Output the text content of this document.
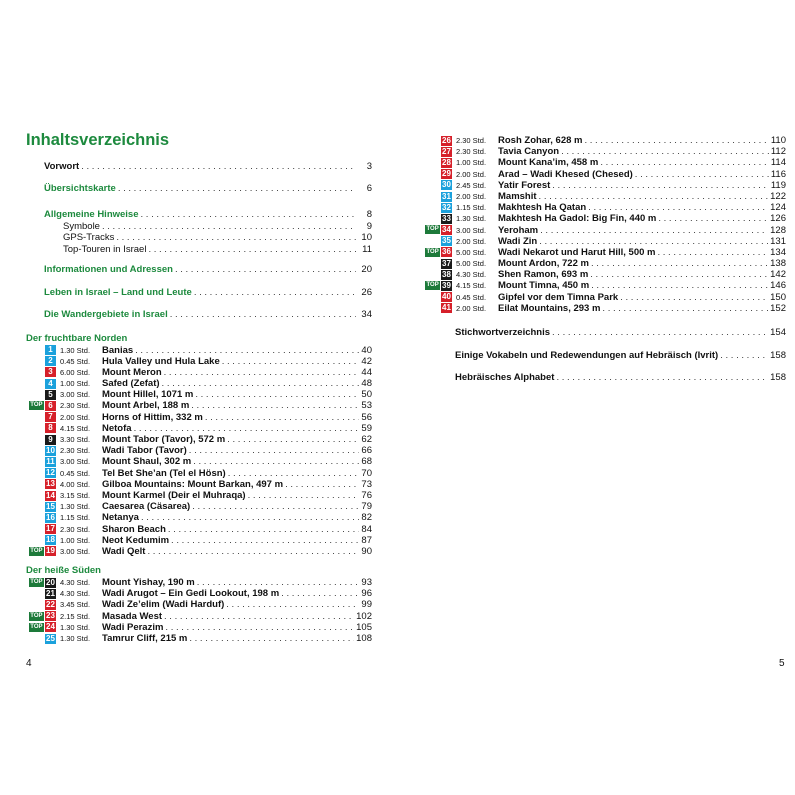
Inhaltsverzeichnis
Vorwort . . .	3
Übersichtskarte . . .	6
Allgemeine Hinweise . . .	8
Symbole . . .	9
GPS-Tracks . . .	10
Top-Touren in Israel . . .	11
Informationen und Adressen . . .	20
Leben in Israel – Land und Leute . . .	26
Die Wandergebiete in Israel . . .	34
Der fruchtbare Norden
1 1.30 Std.	Banias . . .	40
2 0.45 Std.	Hula Valley und Hula Lake . . .	42
3 6.00 Std.	Mount Meron . . .	44
4 1.00 Std.	Safed (Zefat) . . .	48
5 3.00 Std.	Mount Hillel, 1071 m . . .	50
TOP 6 2.30 Std.	Mount Arbel, 188 m . . .	53
7 2.00 Std.	Horns of Hittim, 332 m . . .	56
8 4.15 Std.	Netofa . . .	59
9 3.30 Std.	Mount Tabor (Tavor), 572 m . . .	62
10 2.30 Std.	Wadi Tabor (Tavor) . . .	66
11 3.00 Std.	Mount Shaul, 302 m . . .	68
12 0.45 Std.	Tel Bet She’an (Tel el Hösn) . . .	70
13 4.00 Std.	Gilboa Mountains: Mount Barkan, 497 m . . .	73
14 3.15 Std.	Mount Karmel (Deir el Muhraqa) . . .	76
15 1.30 Std.	Caesarea (Cäsarea) . . .	79
16 1.15 Std.	Netanya . . .	82
17 2.30 Std.	Sharon Beach . . .	84
18 1.00 Std.	Neot Kedumim . . .	87
TOP 19 3.00 Std.	Wadi Qelt . . .	90
Der heiße Süden
TOP 20 4.30 Std.	Mount Yishay, 190 m . . .	93
21 4.30 Std.	Wadi Arugot – Ein Gedi Lookout, 198 m . . .	96
22 3.45 Std.	Wadi Ze’elim (Wadi Harduf) . . .	99
TOP 23 2.15 Std.	Masada West . . .	102
TOP 24 1.30 Std.	Wadi Perazim . . .	105
25 1.30 Std.	Tamrur Cliff, 215 m . . .	108
26 2.30 Std.	Rosh Zohar, 628 m . . .	110
27 2.30 Std.	Tavia Canyon . . .	112
28 1.00 Std.	Mount Kana’im, 458 m . . .	114
29 2.00 Std.	Arad – Wadi Khesed (Chesed) . . .	116
30 2.45 Std.	Yatir Forest . . .	119
31 2.00 Std.	Mamshit . . .	122
32 1.15 Std.	Makhtesh Ha Qatan . . .	124
33 1.30 Std.	Makhtesh Ha Gadol: Big Fin, 440 m . . .	126
TOP 34 3.00 Std.	Yeroham . . .	128
35 2.00 Std.	Wadi Zin . . .	131
TOP 36 5.00 Std.	Wadi Nekarot und Harut Hill, 500 m . . .	134
37 5.00 Std.	Mount Ardon, 722 m . . .	138
38 4.30 Std.	Shen Ramon, 693 m . . .	142
TOP 39 4.15 Std.	Mount Timna, 450 m . . .	146
40 0.45 Std.	Gipfel vor dem Timna Park . . .	150
41 2.00 Std.	Eilat Mountains, 293 m . . .	152
Stichwortverzeichnis . . .	154
Einige Vokabeln und Redewendungen auf Hebräisch (Ivrit) . . .	158
Hebräisches Alphabet . . .	158
4	5
